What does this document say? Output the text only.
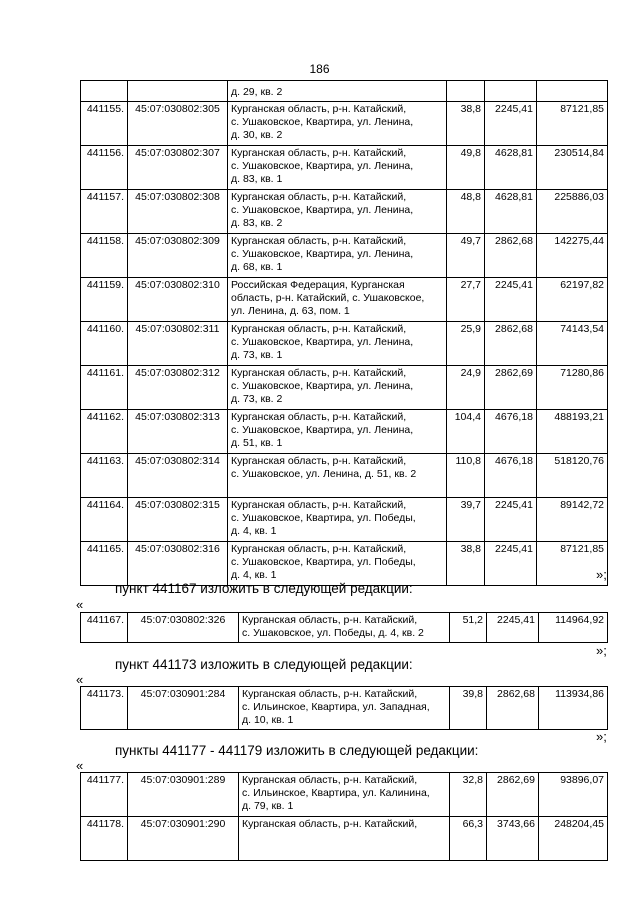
186
		д. 29, кв. 2			
441155.	45:07:030802:305	Курганская область, р-н. Катайский,
с. Ушаковское, Квартира, ул. Ленина,
д. 30, кв. 2	38,8	2245,41	87121,85
441156.	45:07:030802:307	Курганская область, р-н. Катайский,
с. Ушаковское, Квартира, ул. Ленина,
д. 83, кв. 1	49,8	4628,81	230514,84
441157.	45:07:030802:308	Курганская область, р-н. Катайский,
с. Ушаковское, Квартира, ул. Ленина,
д. 83, кв. 2	48,8	4628,81	225886,03
441158.	45:07:030802:309	Курганская область, р-н. Катайский,
с. Ушаковское, Квартира, ул. Ленина,
д. 68, кв. 1	49,7	2862,68	142275,44
441159.	45:07:030802:310	Российская Федерация, Курганская
область, р-н. Катайский, с. Ушаковское,
ул. Ленина, д. 63, пом. 1	27,7	2245,41	62197,82
441160.	45:07:030802:311	Курганская область, р-н. Катайский,
с. Ушаковское, Квартира, ул. Ленина,
д. 73, кв. 1	25,9	2862,68	74143,54
441161.	45:07:030802:312	Курганская область, р-н. Катайский,
с. Ушаковское, Квартира, ул. Ленина,
д. 73, кв. 2	24,9	2862,69	71280,86
441162.	45:07:030802:313	Курганская область, р-н. Катайский,
с. Ушаковское, Квартира, ул. Ленина,
д. 51, кв. 1	104,4	4676,18	488193,21
441163.	45:07:030802:314	Курганская область, р-н. Катайский,
с. Ушаковское, ул. Ленина, д. 51, кв. 2	110,8	4676,18	518120,76
441164.	45:07:030802:315	Курганская область, р-н. Катайский,
с. Ушаковское, Квартира, ул. Победы,
д. 4, кв. 1	39,7	2245,41	89142,72
441165.	45:07:030802:316	Курганская область, р-н. Катайский,
с. Ушаковское, Квартира, ул. Победы,
д. 4, кв. 1	38,8	2245,41	87121,85
»;
пункт 441167 изложить в следующей редакции:
«
441167.	45:07:030802:326	Курганская область, р-н. Катайский,
с. Ушаковское, ул. Победы, д. 4, кв. 2
	51,2	2245,41	114964,92
»;
пункт 441173 изложить в следующей редакции:
«
441173.	45:07:030901:284	Курганская область, р-н. Катайский,
с. Ильинское, Квартира, ул. Западная,
д. 10, кв. 1
	39,8	2862,68	113934,86
»;
пункты 441177 - 441179 изложить в следующей редакции:
«
441177.	45:07:030901:289	Курганская область, р-н. Катайский,
с. Ильинское, Квартира, ул. Калинина,
д. 79, кв. 1	32,8	2862,69	93896,07
441178.	45:07:030901:290	Курганская область, р-н. Катайский,	66,3	3743,66	248204,45
